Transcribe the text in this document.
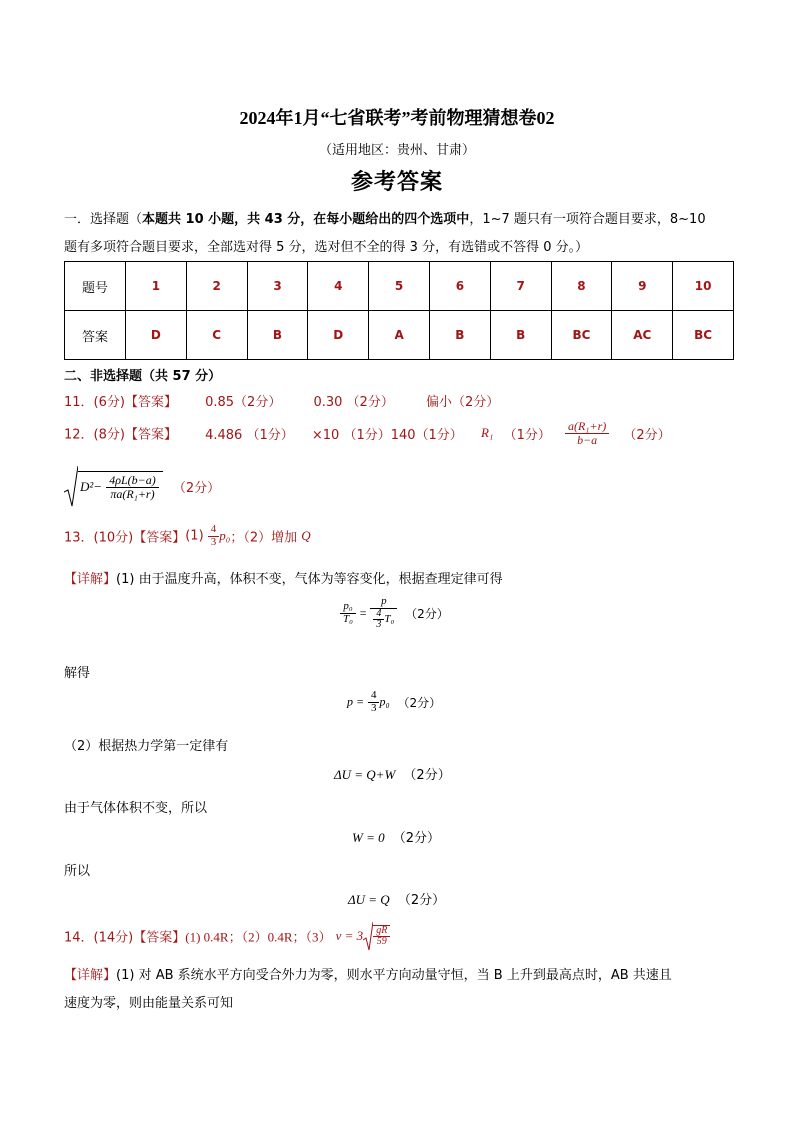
2024年1月“七省联考”考前物理猜想卷02
（适用地区：贵州、甘肃）
参考答案
一．选择题（本题共 10 小题，共 43 分，在每小题给出的四个选项中，1~7 题只有一项符合题目要求，8~10
题有多项符合题目要求，全部选对得 5 分，选对但不全的得 3 分，有选错或不答得 0 分。）
题号	1	2	3	4	5	6	7	8	9	10
答案	D	C	B	D	A	B	B	BC	AC	BC
二、非选择题（共 57 分）
11．(6分)【答案】 0.85（2分） 0.30 （2分） 偏小（2分）
12．(8分)【答案】 4.486 （1分） ×10 （1分）140（1分） R₁ （1分） $\frac{\text{a(R₁+r)}}{b-a} (2$分）
$D^2- \frac{4\rho L(b-a)}{\text{πa(R₁+r)}} (2$分）
13．(10分)【答案】$(1) \frac{4}{3} p_0$；（2）增加 Q
【详解】(1) 由于温度升高，体积不变，气体为等容变化，根据查理定律可得
$\frac{\text{p₀}}{\text{T₀}} = \frac{p}{\frac{4}{3} T_0} (2$分）
解得
$p = \frac{4}{3} p_0$ （2分）
（2）根据热力学第一定律有
ΔU = Q+W （2分）
由于气体体积不变，所以
W = 0 （2分）
所以
ΔU = Q （2分）
14．(14分)【答案】(1) 0.4R；（2）0.4R；（3） $v = 3 \frac{gR}{59}$
【详解】(1) 对 AB 系统水平方向受合外力为零，则水平方向动量守恒，当 B 上升到最高点时，AB 共速且
速度为零，则由能量关系可知
